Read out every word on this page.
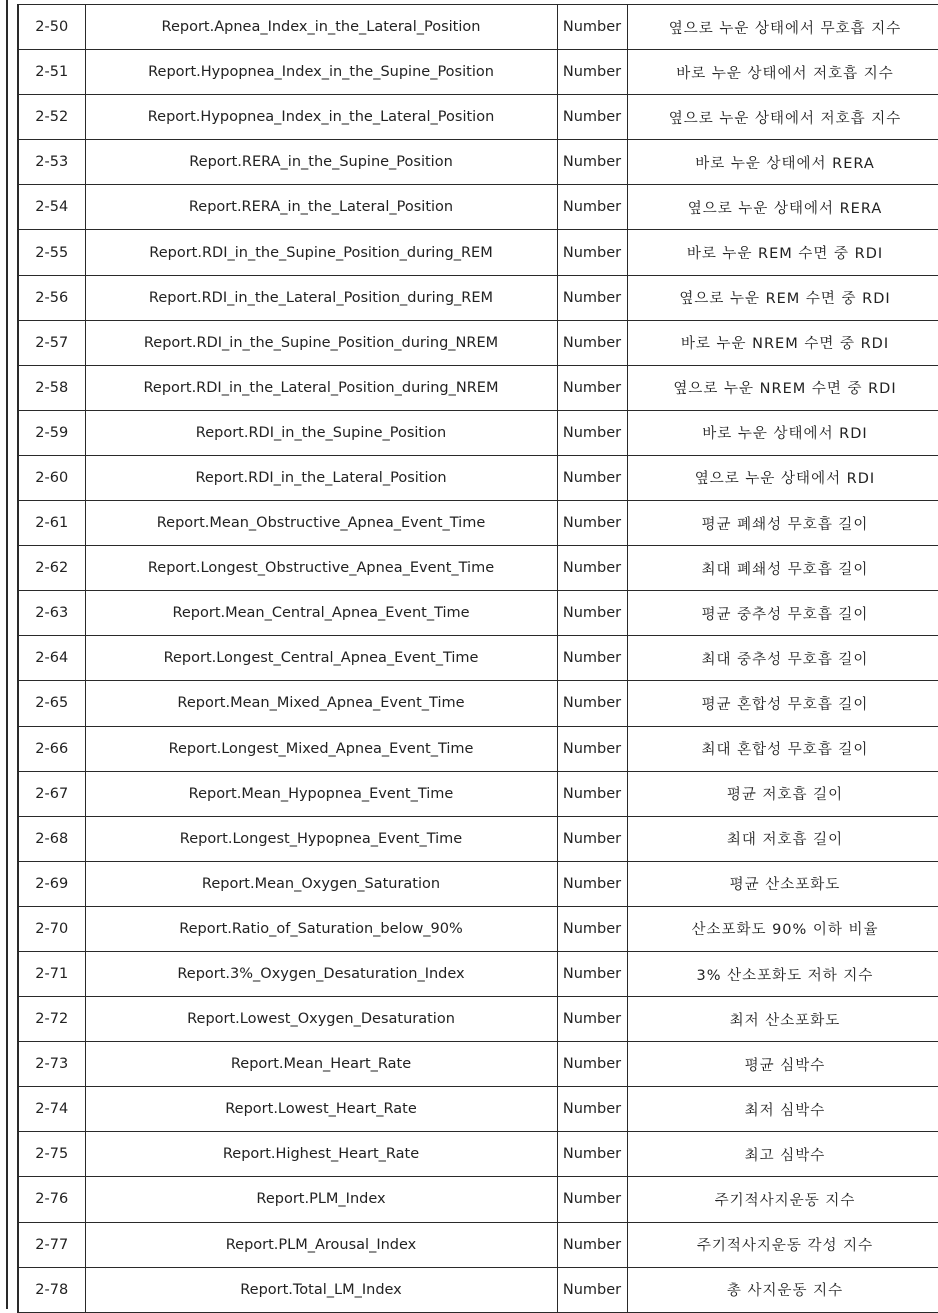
2-50	Report.Apnea_Index_in_the_Lateral_Position	Number	옆으로 누운 상태에서 무호흡 지수
2-51	Report.Hypopnea_Index_in_the_Supine_Position	Number	바로 누운 상태에서 저호흡 지수
2-52	Report.Hypopnea_Index_in_the_Lateral_Position	Number	옆으로 누운 상태에서 저호흡 지수
2-53	Report.RERA_in_the_Supine_Position	Number	바로 누운 상태에서 RERA
2-54	Report.RERA_in_the_Lateral_Position	Number	옆으로 누운 상태에서 RERA
2-55	Report.RDI_in_the_Supine_Position_during_REM	Number	바로 누운 REM 수면 중 RDI
2-56	Report.RDI_in_the_Lateral_Position_during_REM	Number	옆으로 누운 REM 수면 중 RDI
2-57	Report.RDI_in_the_Supine_Position_during_NREM	Number	바로 누운 NREM 수면 중 RDI
2-58	Report.RDI_in_the_Lateral_Position_during_NREM	Number	옆으로 누운 NREM 수면 중 RDI
2-59	Report.RDI_in_the_Supine_Position	Number	바로 누운 상태에서 RDI
2-60	Report.RDI_in_the_Lateral_Position	Number	옆으로 누운 상태에서 RDI
2-61	Report.Mean_Obstructive_Apnea_Event_Time	Number	평균 폐쇄성 무호흡 길이
2-62	Report.Longest_Obstructive_Apnea_Event_Time	Number	최대 폐쇄성 무호흡 길이
2-63	Report.Mean_Central_Apnea_Event_Time	Number	평균 중추성 무호흡 길이
2-64	Report.Longest_Central_Apnea_Event_Time	Number	최대 중추성 무호흡 길이
2-65	Report.Mean_Mixed_Apnea_Event_Time	Number	평균 혼합성 무호흡 길이
2-66	Report.Longest_Mixed_Apnea_Event_Time	Number	최대 혼합성 무호흡 길이
2-67	Report.Mean_Hypopnea_Event_Time	Number	평균 저호흡 길이
2-68	Report.Longest_Hypopnea_Event_Time	Number	최대 저호흡 길이
2-69	Report.Mean_Oxygen_Saturation	Number	평균 산소포화도
2-70	Report.Ratio_of_Saturation_below_90%	Number	산소포화도 90% 이하 비율
2-71	Report.3%_Oxygen_Desaturation_Index	Number	3% 산소포화도 저하 지수
2-72	Report.Lowest_Oxygen_Desaturation	Number	최저 산소포화도
2-73	Report.Mean_Heart_Rate	Number	평균 심박수
2-74	Report.Lowest_Heart_Rate	Number	최저 심박수
2-75	Report.Highest_Heart_Rate	Number	최고 심박수
2-76	Report.PLM_Index	Number	주기적사지운동 지수
2-77	Report.PLM_Arousal_Index	Number	주기적사지운동 각성 지수
2-78	Report.Total_LM_Index	Number	총 사지운동 지수
